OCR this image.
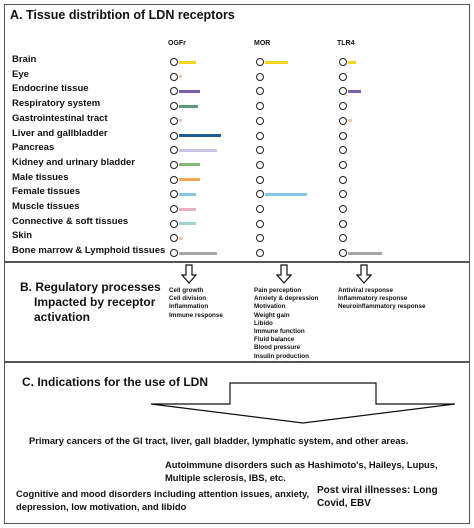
A. Tissue distribtion of LDN receptors
OGFr	MOR	TLR4
Brain
Eye
Endocrine tissue
Respiratory system
Gastrointestinal tract
Liver and gallbladder
Pancreas
Kidney and urinary bladder
Male tissues
Female tissues
Muscle tissues
Connective & soft tissues
Skin
Bone marrow & Lymphoid tissues
B. Regulatory processes
Impacted by receptor
activation
Cell growth
Cell division
Inflammation
Immune response
Pain perception
Anxiety & depression
Motivation
Weight gain
Libido
Immune function
Fluid balance
Blood pressure
Insulin production
Antiviral response
Inflammatory response
Neuroinflammatory response
C. Indications for the use of LDN
Primary cancers of the GI tract, liver, gall bladder, lymphatic system, and other areas.
Autoimmune disorders such as Hashimoto's, Haileys, Lupus, Multiple sclerosis, IBS, etc.
Post viral illnesses: Long Covid, EBV
Cognitive and mood disorders including attention issues, anxiety, depression, low motivation, and libido
